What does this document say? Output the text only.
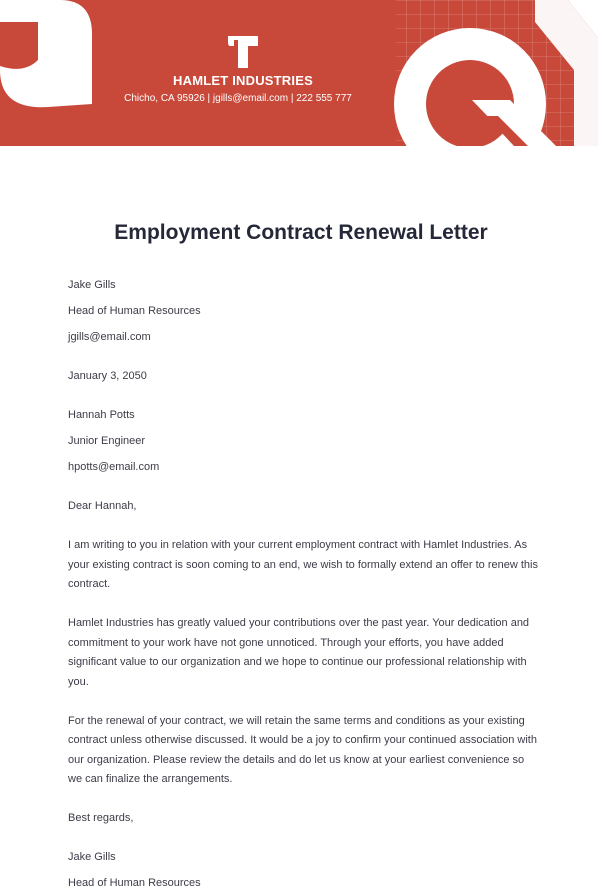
HAMLET INDUSTRIES
Chicho, CA 95926 | jgills@email.com | 222 555 777
Employment Contract Renewal Letter

Jake Gills

Head of Human Resources

jgills@email.com

January 3, 2050

Hannah Potts

Junior Engineer

hpotts@email.com

Dear Hannah,

I am writing to you in relation with your current employment contract with Hamlet Industries. As your existing contract is soon coming to an end, we wish to formally extend an offer to renew this contract.

Hamlet Industries has greatly valued your contributions over the past year. Your dedication and commitment to your work have not gone unnoticed. Through your efforts, you have added significant value to our organization and we hope to continue our professional relationship with you.

For the renewal of your contract, we will retain the same terms and conditions as your existing contract unless otherwise discussed. It would be a joy to confirm your continued association with our organization. Please review the details and do let us know at your earliest convenience so we can finalize the arrangements.

Best regards,

Jake Gills

Head of Human Resources
